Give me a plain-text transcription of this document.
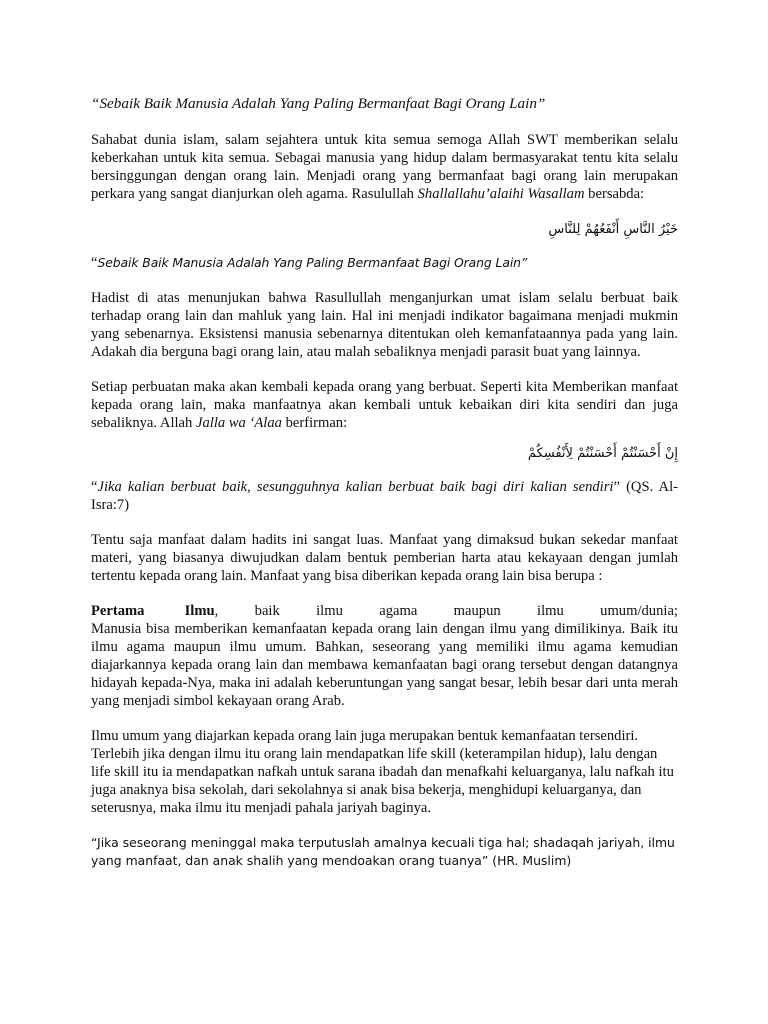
“Sebaik Baik Manusia Adalah Yang Paling Bermanfaat Bagi Orang Lain”

Sahabat dunia islam, salam sejahtera untuk kita semua semoga Allah SWT memberikan selalu keberkahan untuk kita semua. Sebagai manusia yang hidup dalam bermasyarakat tentu kita selalu bersinggungan dengan orang lain. Menjadi orang yang bermanfaat bagi orang lain merupakan perkara yang sangat dianjurkan oleh agama. Rasulullah Shallallahu’alaihi Wasallam bersabda:

خَيْرُ النَّاسِ أَنْفَعُهُمْ لِلنَّاسِ

“Sebaik Baik Manusia Adalah Yang Paling Bermanfaat Bagi Orang Lain”

Hadist di atas menunjukan bahwa Rasullullah menganjurkan umat islam selalu berbuat baik terhadap orang lain dan mahluk yang lain. Hal ini menjadi indikator bagaimana menjadi mukmin yang sebenarnya. Eksistensi manusia sebenarnya ditentukan oleh kemanfataannya pada yang lain. Adakah dia berguna bagi orang lain, atau malah sebaliknya menjadi parasit buat yang lainnya.

Setiap perbuatan maka akan kembali kepada orang yang berbuat. Seperti kita Memberikan manfaat kepada orang lain, maka manfaatnya akan kembali untuk kebaikan diri kita sendiri dan juga sebaliknya. Allah Jalla wa ‘Alaa berfirman:

إِنْ أَحْسَنْتُمْ أَحْسَنْتُمْ لِأَنْفُسِكُمْ

“Jika kalian berbuat baik, sesungguhnya kalian berbuat baik bagi diri kalian sendiri” (QS. Al-Isra:7)

Tentu saja manfaat dalam hadits ini sangat luas. Manfaat yang dimaksud bukan sekedar manfaat materi, yang biasanya diwujudkan dalam bentuk pemberian harta atau kekayaan dengan jumlah tertentu kepada orang lain. Manfaat yang bisa diberikan kepada orang lain bisa berupa :

Pertama	Ilmu, baik ilmu agama maupun ilmu umum/dunia;

Manusia bisa memberikan kemanfaatan kepada orang lain dengan ilmu yang dimilikinya. Baik itu ilmu agama maupun ilmu umum. Bahkan, seseorang yang memiliki ilmu agama kemudian diajarkannya kepada orang lain dan membawa kemanfaatan bagi orang tersebut dengan datangnya hidayah kepada-Nya, maka ini adalah keberuntungan yang sangat besar, lebih besar dari unta merah yang menjadi simbol kekayaan orang Arab.

Ilmu umum yang diajarkan kepada orang lain juga merupakan bentuk kemanfaatan tersendiri. Terlebih jika dengan ilmu itu orang lain mendapatkan life skill (keterampilan hidup), lalu dengan life skill itu ia mendapatkan nafkah untuk sarana ibadah dan menafkahi keluarganya, lalu nafkah itu juga anaknya bisa sekolah, dari sekolahnya si anak bisa bekerja, menghidupi keluarganya, dan seterusnya, maka ilmu itu menjadi pahala jariyah baginya.

“Jika seseorang meninggal maka terputuslah amalnya kecuali tiga hal; shadaqah jariyah, ilmu yang manfaat, dan anak shalih yang mendoakan orang tuanya” (HR. Muslim)
